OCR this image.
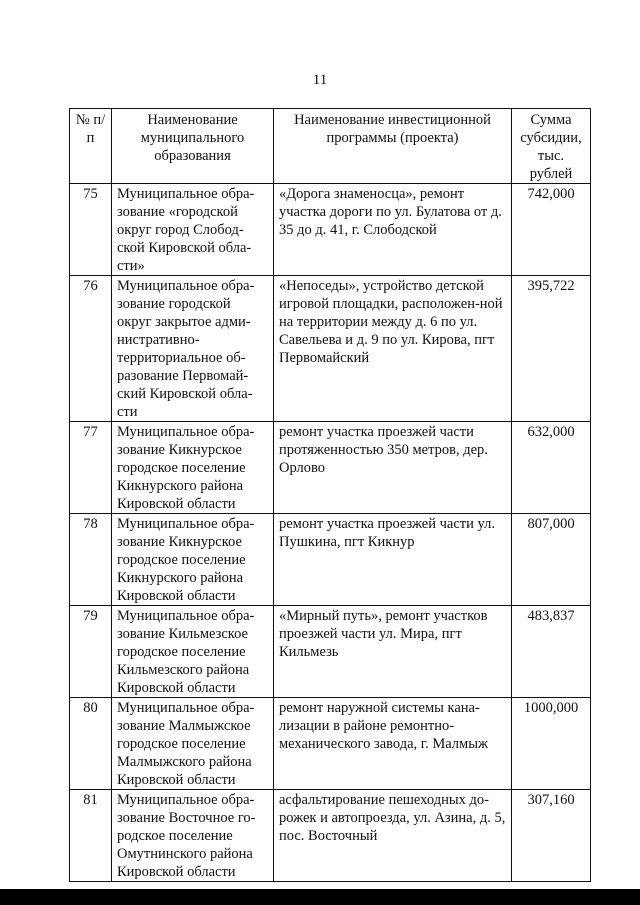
11
№ п/п	Наименование муниципального образования	Наименование инвестиционной программы (проекта)	Сумма субсидии, тыс. рублей
75	Муниципальное обра-зование «городской округ город Слобод-ской Кировской обла-сти»	«Дорога знаменосца», ремонт участка дороги по ул. Булатова от д. 35 до д. 41, г. Слободской	742,000
76	Муниципальное обра-зование городской округ закрытое адми-нистративно-территориальное об-разование Первомай-ский Кировской обла-сти	«Непоседы», устройство детской игровой площадки, расположен-ной на территории между д. 6 по ул. Савельева и д. 9 по ул. Кирова, пгт Первомайский	395,722
77	Муниципальное обра-зование Кикнурское городское поселение Кикнурского района Кировской области	ремонт участка проезжей части протяженностью 350 метров, дер. Орлово	632,000
78	Муниципальное обра-зование Кикнурское городское поселение Кикнурского района Кировской области	ремонт участка проезжей части ул. Пушкина, пгт Кикнур	807,000
79	Муниципальное обра-зование Кильмезское городское поселение Кильмезского района Кировской области	«Мирный путь», ремонт участков проезжей части ул. Мира, пгт Кильмезь	483,837
80	Муниципальное обра-зование Малмыжское городское поселение Малмыжского района Кировской области	ремонт наружной системы кана-лизации в районе ремонтно-механического завода, г. Малмыж	1000,000
81	Муниципальное обра-зование Восточное го-родское поселение Омутнинского района Кировской области	асфальтирование пешеходных до-рожек и автопроезда, ул. Азина, д. 5, пос. Восточный	307,160
